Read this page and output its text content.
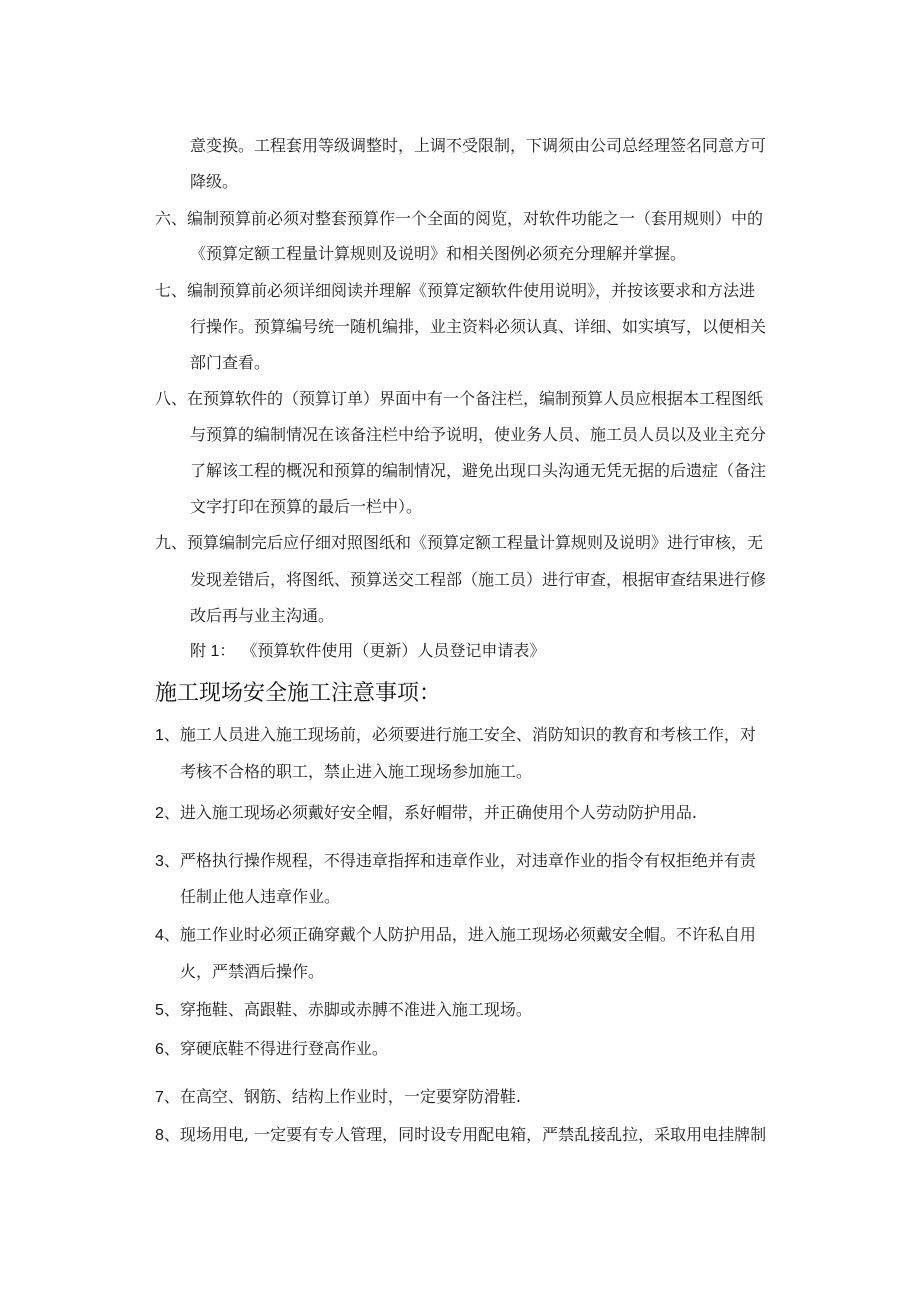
意变换。工程套用等级调整时，上调不受限制，下调须由公司总经理签名同意方可
降级。
六、编制预算前必须对整套预算作一个全面的阅览，对软件功能之一（套用规则）中的
《预算定额工程量计算规则及说明》和相关图例必须充分理解并掌握。
七、编制预算前必须详细阅读并理解《预算定额软件使用说明》，并按该要求和方法进
行操作。预算编号统一随机编排，业主资料必须认真、详细、如实填写，以便相关
部门查看。
八、在预算软件的（预算订单）界面中有一个备注栏，编制预算人员应根据本工程图纸
与预算的编制情况在该备注栏中给予说明，使业务人员、施工员人员以及业主充分
了解该工程的概况和预算的编制情况，避免出现口头沟通无凭无据的后遗症（备注
文字打印在预算的最后一栏中）。
九、预算编制完后应仔细对照图纸和《预算定额工程量计算规则及说明》进行审核，无
发现差错后，将图纸、预算送交工程部（施工员）进行审查，根据审查结果进行修
改后再与业主沟通。
附 1： 《预算软件使用（更新）人员登记申请表》
施工现场安全施工注意事项：
1、施工人员进入施工现场前，必须要进行施工安全、消防知识的教育和考核工作，对
考核不合格的职工，禁止进入施工现场参加施工。
2、进入施工现场必须戴好安全帽，系好帽带，并正确使用个人劳动防护用品.
3、严格执行操作规程，不得违章指挥和违章作业，对违章作业的指令有权拒绝并有责
任制止他人违章作业。
4、施工作业时必须正确穿戴个人防护用品，进入施工现场必须戴安全帽。不许私自用
火，严禁酒后操作。
5、穿拖鞋、高跟鞋、赤脚或赤膊不准进入施工现场。
6、穿硬底鞋不得进行登高作业。
7、在高空、钢筋、结构上作业时，一定要穿防滑鞋.
8、现场用电, 一定要有专人管理，同时设专用配电箱，严禁乱接乱拉，采取用电挂牌制
